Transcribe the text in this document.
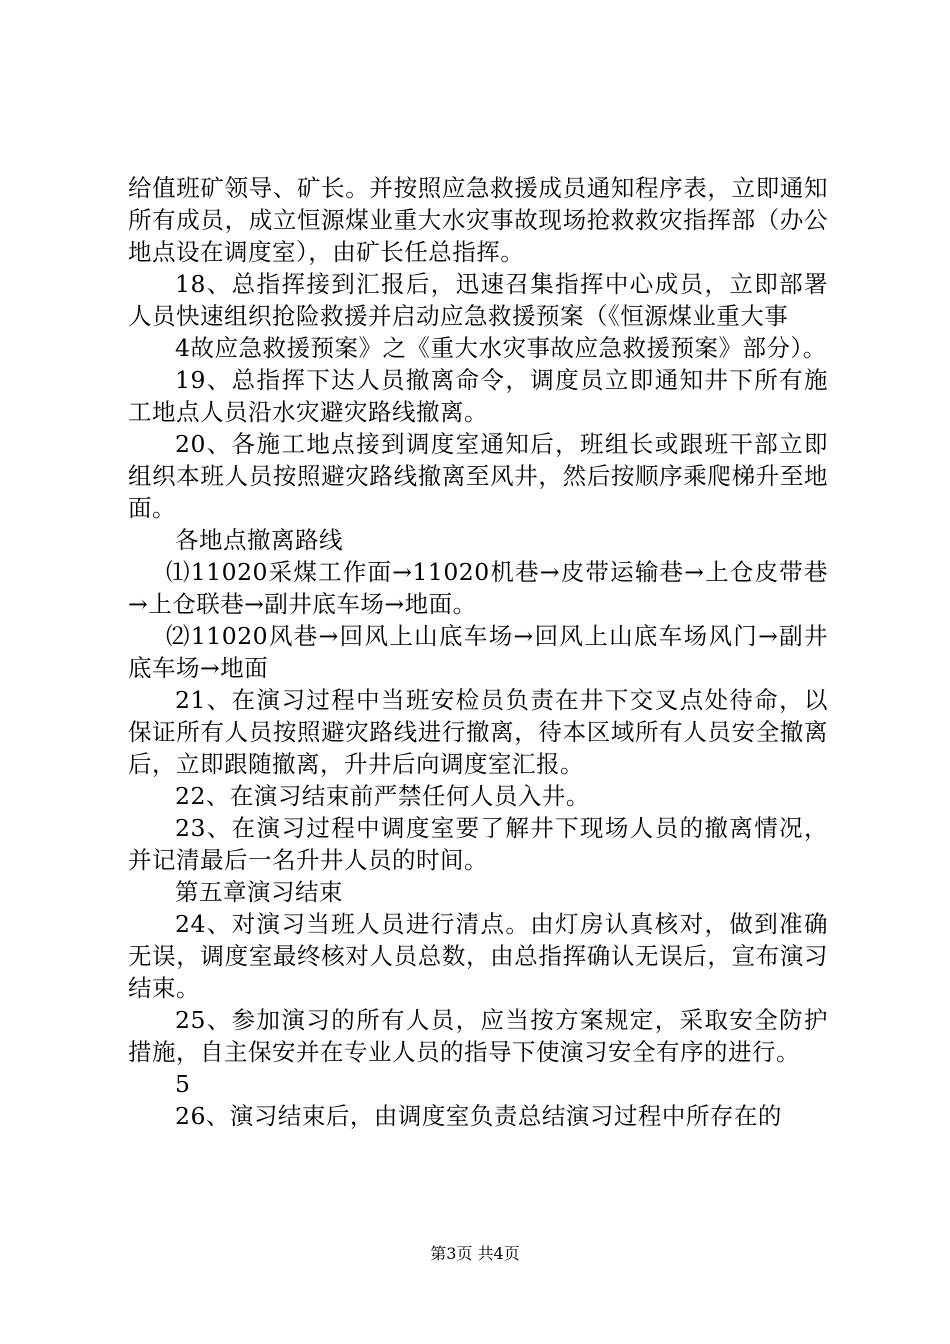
给值班矿领导、矿长。并按照应急救援成员通知程序表，立即通知所有成员，成立恒源煤业重大水灾事故现场抢救救灾指挥部（办公地点设在调度室），由矿长任总指挥。

18、总指挥接到汇报后，迅速召集指挥中心成员，立即部署人员快速组织抢险救援并启动应急救援预案（《恒源煤业重大事

4故应急救援预案》之《重大水灾事故应急救援预案》部分）。

19、总指挥下达人员撤离命令，调度员立即通知井下所有施工地点人员沿水灾避灾路线撤离。

20、各施工地点接到调度室通知后，班组长或跟班干部立即组织本班人员按照避灾路线撤离至风井，然后按顺序乘爬梯升至地面。

各地点撤离路线

⑴11020采煤工作面→11020机巷→皮带运输巷→上仓皮带巷→上仓联巷→副井底车场→地面。

⑵11020风巷→回风上山底车场→回风上山底车场风门→副井底车场→地面

21、在演习过程中当班安检员负责在井下交叉点处待命，以保证所有人员按照避灾路线进行撤离，待本区域所有人员安全撤离后，立即跟随撤离，升井后向调度室汇报。

22、在演习结束前严禁任何人员入井。

23、在演习过程中调度室要了解井下现场人员的撤离情况，并记清最后一名升井人员的时间。

第五章演习结束

24、对演习当班人员进行清点。由灯房认真核对，做到准确无误，调度室最终核对人员总数，由总指挥确认无误后，宣布演习结束。

25、参加演习的所有人员，应当按方案规定，采取安全防护措施，自主保安并在专业人员的指导下使演习安全有序的进行。

5

26、演习结束后，由调度室负责总结演习过程中所存在的

第3页 共4页
